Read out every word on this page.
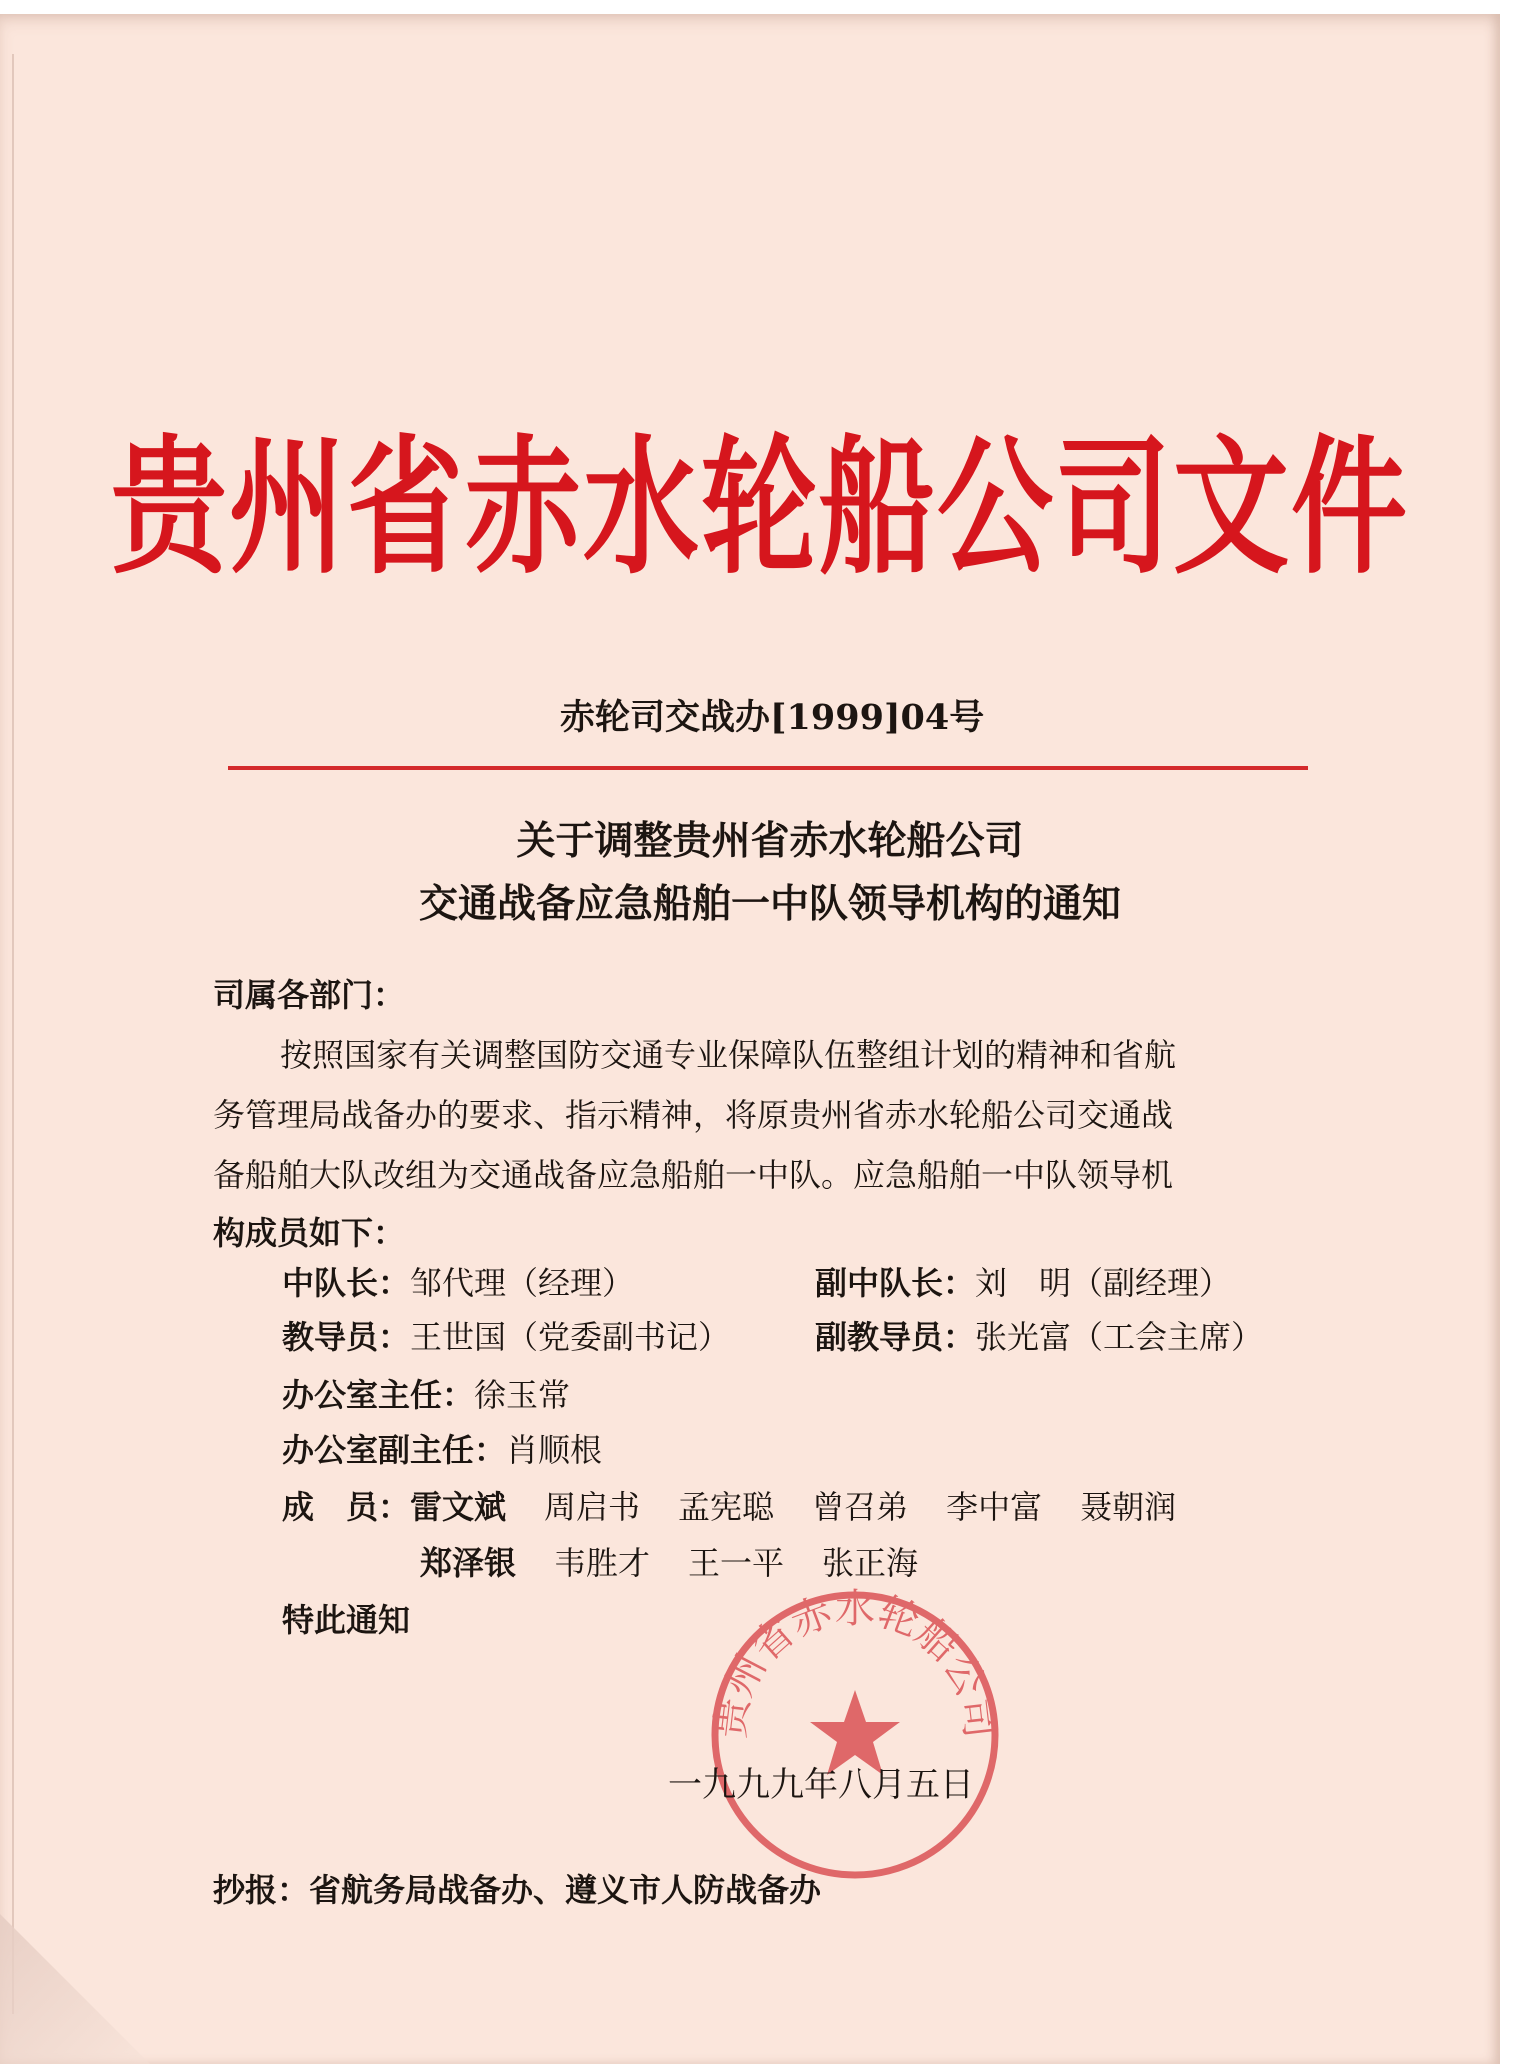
贵州省赤水轮船公司文件
赤轮司交战办[1999]04号
关于调整贵州省赤水轮船公司
交通战备应急船舶一中队领导机构的通知
司属各部门：
按照国家有关调整国防交通专业保障队伍整组计划的精神和省航
务管理局战备办的要求、指示精神，将原贵州省赤水轮船公司交通战
备船舶大队改组为交通战备应急船舶一中队。应急船舶一中队领导机
构成员如下：
中队长：邹代理（经理）	副中队长：刘　明（副经理）
教导员：王世国（党委副书记）	副教导员：张光富（工会主席）
办公室主任：徐玉常
办公室副主任：肖顺根
成　员：雷文斌 周启书 孟宪聪 曾召弟 李中富 聂朝润
郑泽银 韦胜才 王一平 张正海
特此通知
贵州省赤水轮船公司
一九九九年八月五日
抄报：省航务局战备办、遵义市人防战备办
